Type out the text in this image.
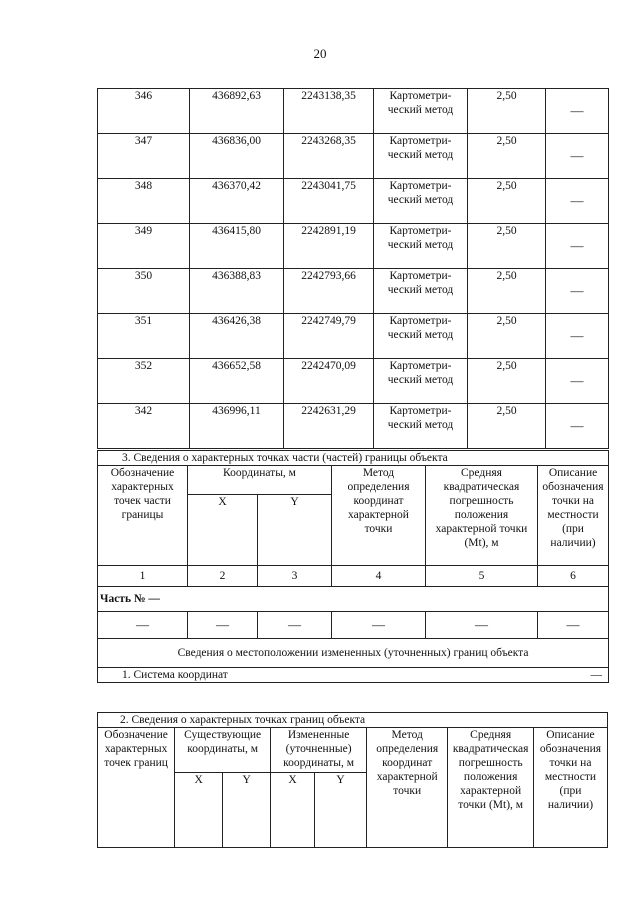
20
346	436892,63	2243138,35	Картометри-ческий метод	2,50	—
347	436836,00	2243268,35	Картометри-ческий метод	2,50	—
348	436370,42	2243041,75	Картометри-ческий метод	2,50	—
349	436415,80	2242891,19	Картометри-ческий метод	2,50	—
350	436388,83	2242793,66	Картометри-ческий метод	2,50	—
351	436426,38	2242749,79	Картометри-ческий метод	2,50	—
352	436652,58	2242470,09	Картометри-ческий метод	2,50	—
342	436996,11	2242631,29	Картометри-ческий метод	2,50	—
3. Сведения о характерных точках части (частей) границы объекта					
Обозначение характерных точек части границы	Координаты, м		Метод определения координат характерной точки	Средняя квадратическая погрешность положения характерной точки (Mt), м	Описание обозначения точки на местности (при наличии)
	X	Y			
1	2	3	4	5	6
Часть № —					
—	—	—	—	—	—
Сведения о местоположении измененных (уточненных) границ объекта					

1. Система координат —					
2. Сведения о характерных точках границ объекта							
Обозначение характерных точек границ	Существующие координаты, м		Измененные (уточненные) координаты, м		Метод определения координат характерной точки	Средняя квадратическая погрешность положения характерной точки (Mt), м	Описание обозначения точки на местности (при наличии)
	X	Y	X	Y			
